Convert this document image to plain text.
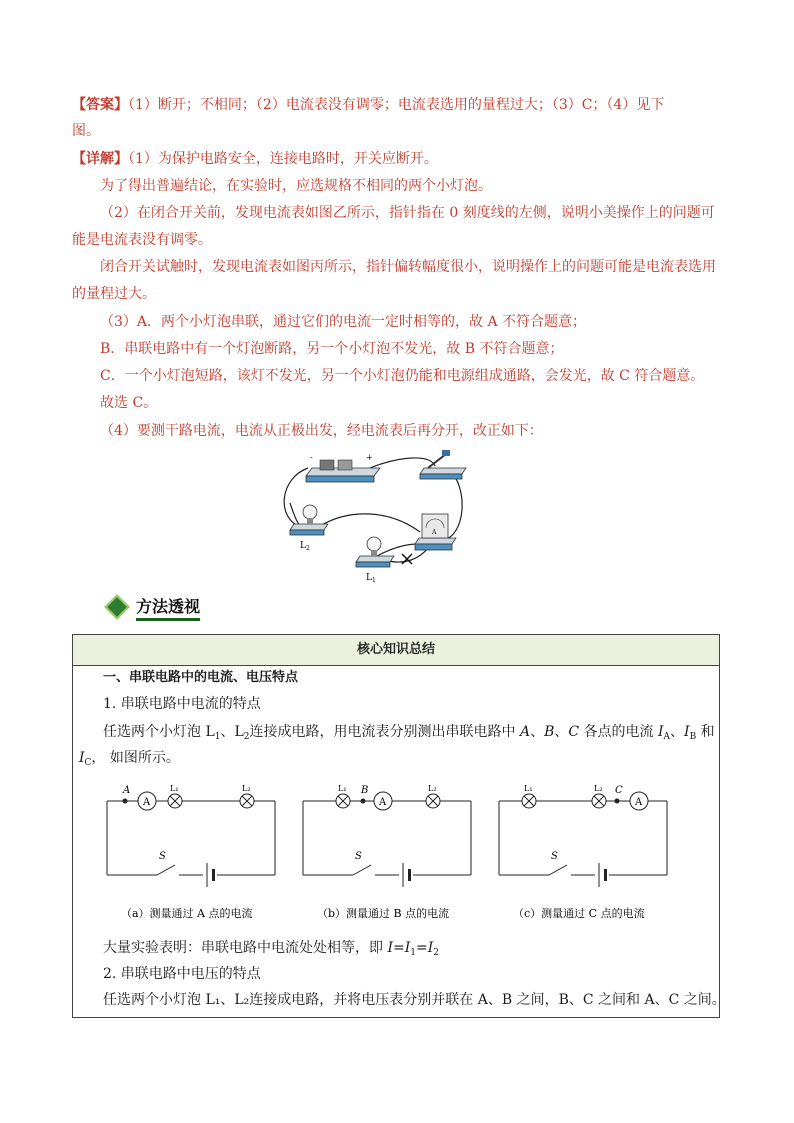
【答案】（1）断开；不相同；（2）电流表没有调零；电流表选用的量程过大；（3）C；（4）见下
图。
【详解】（1）为保护电路安全，连接电路时，开关应断开。
为了得出普遍结论，在实验时，应选规格不相同的两个小灯泡。
（2）在闭合开关前，发现电流表如图乙所示，指针指在 0 刻度线的左侧，说明小美操作上的问题可
能是电流表没有调零。
闭合开关试触时，发现电流表如图丙所示，指针偏转幅度很小，说明操作上的问题可能是电流表选用
的量程过大。
（3）A．两个小灯泡串联，通过它们的电流一定时相等的，故 A 不符合题意；
B．串联电路中有一个灯泡断路，另一个小灯泡不发光，故 B 不符合题意；
C．一个小灯泡短路，该灯不发光，另一个小灯泡仍能和电源组成通路，会发光，故 C 符合题意。
故选 C。
（4）要测干路电流，电流从正极出发，经电流表后再分开，改正如下：
-	+
$L_2$
$L_1$
A
方法透视
核心知识总结
一、串联电路中的电流、电压特点
1. 串联电路中电流的特点
任选两个小灯泡 $L_1$、$L_2$连接成电路，用电流表分别测出串联电路中 A、B、C 各点的电流 $I_A$、$I_B$ 和
$I_C$， 如图所示。
S
A
A
L₁	L₂
（a）测量通过 A 点的电流
S
L₁ B
A
L₂
（b）测量通过 B 点的电流
S
L₁	L₂ C
A
（c）测量通过 C 点的电流
大量实验表明：串联电路中电流处处相等，即 $I=I_1=I_2$
2. 串联电路中电压的特点
任选两个小灯泡 L₁、L₂连接成电路，并将电压表分别并联在 A、B 之间，B、C 之间和 A、C 之间。
